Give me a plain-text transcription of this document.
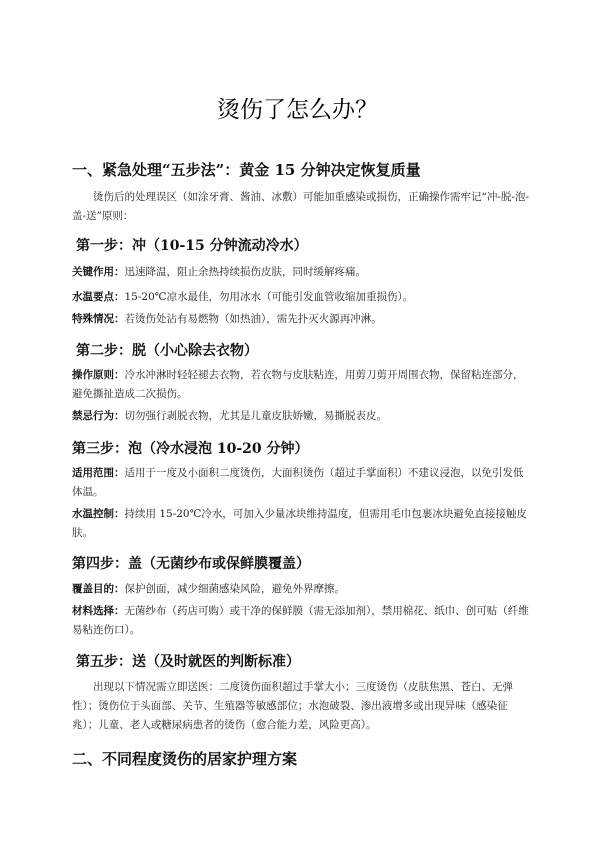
烫伤了怎么办？
一、紧急处理“五步法”：黄金 15 分钟决定恢复质量
烫伤后的处理误区（如涂牙膏、酱油、冰敷）可能加重感染或损伤，正确操作需牢记“冲-脱-泡-盖-送”原则：
第一步：冲（10-15 分钟流动冷水）
关键作用：迅速降温，阻止余热持续损伤皮肤，同时缓解疼痛。
水温要点：15-20℃凉水最佳，勿用冰水（可能引发血管收缩加重损伤）。
特殊情况：若烫伤处沾有易燃物（如热油），需先扑灭火源再冲淋。
第二步：脱（小心除去衣物）
操作原则：冷水冲淋时轻轻褪去衣物，若衣物与皮肤粘连，用剪刀剪开周围衣物，保留粘连部分，避免撕扯造成二次损伤。
禁忌行为：切勿强行剥脱衣物，尤其是儿童皮肤娇嫩，易撕脱表皮。
第三步：泡（冷水浸泡 10-20 分钟）
适用范围：适用于一度及小面积二度烫伤，大面积烫伤（超过手掌面积）不建议浸泡，以免引发低体温。
水温控制：持续用 15-20℃冷水，可加入少量冰块维持温度，但需用毛巾包裹冰块避免直接接触皮肤。
第四步：盖（无菌纱布或保鲜膜覆盖）
覆盖目的：保护创面，减少细菌感染风险，避免外界摩擦。
材料选择：无菌纱布（药店可购）或干净的保鲜膜（需无添加剂），禁用棉花、纸巾、创可贴（纤维易粘连伤口）。
第五步：送（及时就医的判断标准）
出现以下情况需立即送医：二度烫伤面积超过手掌大小；三度烫伤（皮肤焦黑、苍白、无弹性）；烫伤位于头面部、关节、生殖器等敏感部位；水泡破裂、渗出液增多或出现异味（感染征兆）；儿童、老人或糖尿病患者的烫伤（愈合能力差，风险更高）。
二、不同程度烫伤的居家护理方案
